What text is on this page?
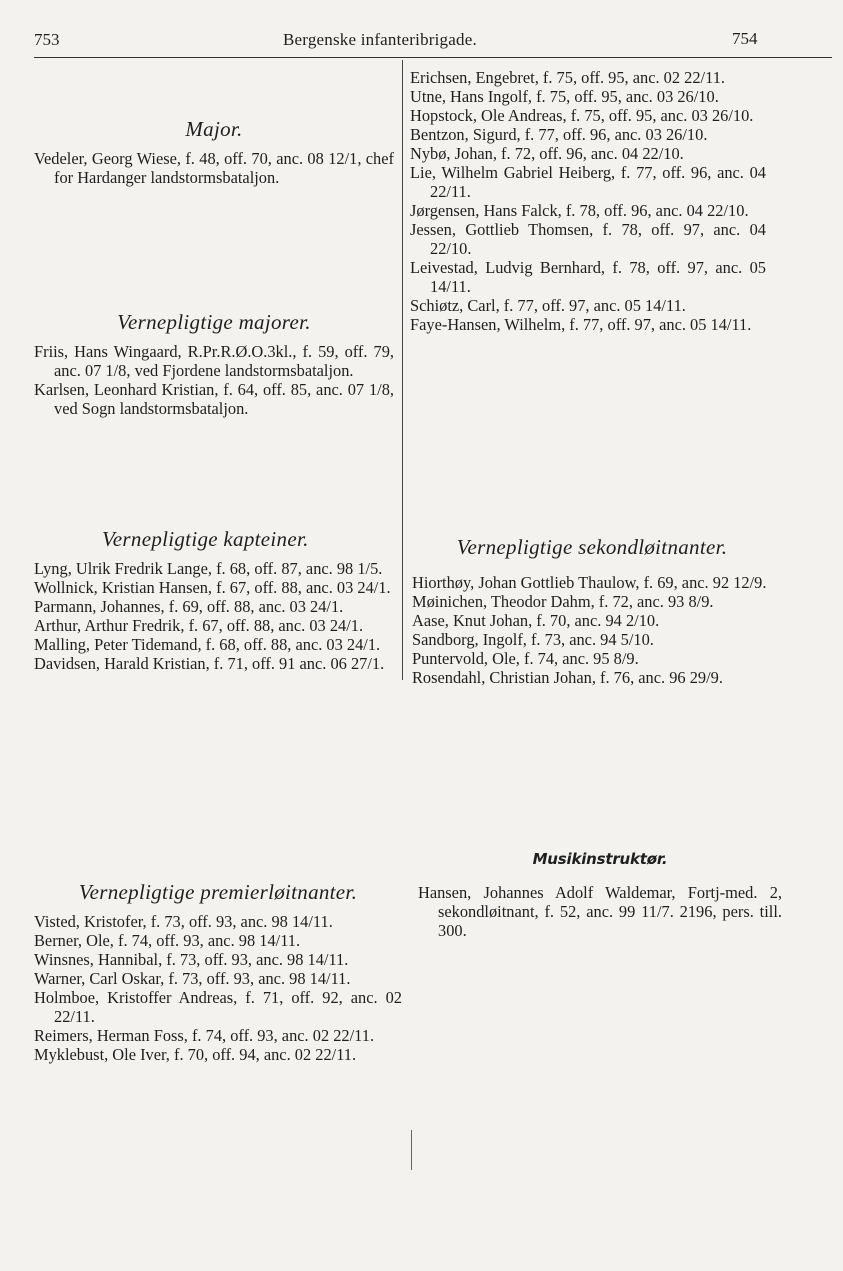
753	Bergenske infanteribrigade.	754
Major.

Vedeler, Georg Wiese, f. 48, off. 70, anc. 08 12/1, chef for Hardanger landstormsbataljon.

Vernepligtige majorer.

Friis, Hans Wingaard, R.Pr.R.Ø.O.3kl., f. 59, off. 79, anc. 07 1/8, ved Fjordene landstormsbataljon.

Karlsen, Leonhard Kristian, f. 64, off. 85, anc. 07 1/8, ved Sogn landstormsbataljon.

Erichsen, Engebret, f. 75, off. 95, anc. 02 22/11.

Utne, Hans Ingolf, f. 75, off. 95, anc. 03 26/10.

Hopstock, Ole Andreas, f. 75, off. 95, anc. 03 26/10.

Bentzon, Sigurd, f. 77, off. 96, anc. 03 26/10.

Nybø, Johan, f. 72, off. 96, anc. 04 22/10.

Lie, Wilhelm Gabriel Heiberg, f. 77, off. 96, anc. 04 22/11.

Jørgensen, Hans Falck, f. 78, off. 96, anc. 04 22/10.

Jessen, Gottlieb Thomsen, f. 78, off. 97, anc. 04 22/10.

Leivestad, Ludvig Bernhard, f. 78, off. 97, anc. 05 14/11.

Schiøtz, Carl, f. 77, off. 97, anc. 05 14/11.

Faye-Hansen, Wilhelm, f. 77, off. 97, anc. 05 14/11.

Vernepligtige kapteiner.

Lyng, Ulrik Fredrik Lange, f. 68, off. 87, anc. 98 1/5.

Wollnick, Kristian Hansen, f. 67, off. 88, anc. 03 24/1.

Parmann, Johannes, f. 69, off. 88, anc. 03 24/1.

Arthur, Arthur Fredrik, f. 67, off. 88, anc. 03 24/1.

Malling, Peter Tidemand, f. 68, off. 88, anc. 03 24/1.

Davidsen, Harald Kristian, f. 71, off. 91 anc. 06 27/1.

Vernepligtige sekondløitnanter.

Hiorthøy, Johan Gottlieb Thaulow, f. 69, anc. 92 12/9.

Møinichen, Theodor Dahm, f. 72, anc. 93 8/9.

Aase, Knut Johan, f. 70, anc. 94 2/10.

Sandborg, Ingolf, f. 73, anc. 94 5/10.

Puntervold, Ole, f. 74, anc. 95 8/9.

Rosendahl, Christian Johan, f. 76, anc. 96 29/9.

Vernepligtige premierløitnanter.

Visted, Kristofer, f. 73, off. 93, anc. 98 14/11.

Berner, Ole, f. 74, off. 93, anc. 98 14/11.

Winsnes, Hannibal, f. 73, off. 93, anc. 98 14/11.

Warner, Carl Oskar, f. 73, off. 93, anc. 98 14/11.

Holmboe, Kristoffer Andreas, f. 71, off. 92, anc. 02 22/11.

Reimers, Herman Foss, f. 74, off. 93, anc. 02 22/11.

Myklebust, Ole Iver, f. 70, off. 94, anc. 02 22/11.

Musikinstruktør.

Hansen, Johannes Adolf Waldemar, Fortj-med. 2, sekondløitnant, f. 52, anc. 99 11/7. 2196, pers. till. 300.
